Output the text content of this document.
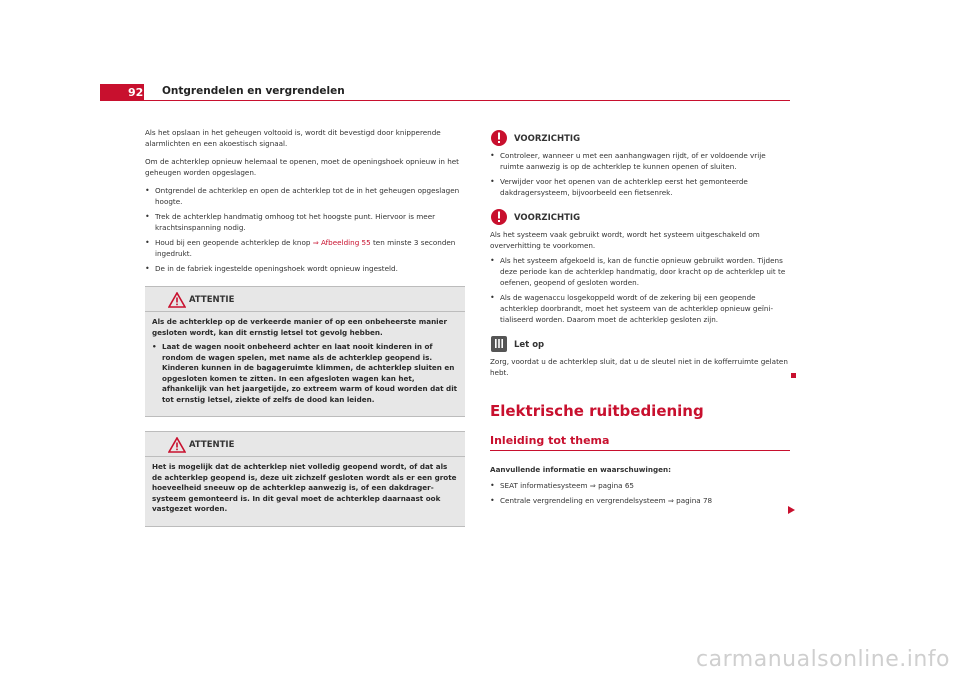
92 Ontgrendelen en vergrendelen

Als het opslaan in het geheugen voltooid is, wordt dit bevestigd door knipperende alarmlichten en een akoestisch signaal.

Om de achterklep opnieuw helemaal te openen, moet de openingshoek opnieuw in het geheugen worden opgeslagen.

• Ontgrendel de achterklep en open de achterklep tot de in het geheugen opgeslagen hoogte.
• Trek de achterklep handmatig omhoog tot het hoogste punt. Hiervoor is meer krachtsinspanning nodig.
• Houd bij een geopende achterklep de knop ⇒ Afbeelding 55 ten minste 3 seconden ingedrukt.
• De in de fabriek ingestelde openingshoek wordt opnieuw ingesteld.
ATTENTIE

Als de achterklep op de verkeerde manier of op een onbeheerste manier gesloten wordt, kan dit ernstig letsel tot gevolg hebben.

• Laat de wagen nooit onbeheerd achter en laat nooit kinderen in of rondom de wagen spelen, met name als de achterklep geopend is. Kinderen kunnen in de bagageruimte klimmen, de achterklep sluiten en opgesloten komen te zitten. In een afgesloten wagen kan het, afhankelijk van het jaargetijde, zo extreem warm of koud worden dat dit tot ernstig letsel, ziekte of zelfs de dood kan leiden.

ATTENTIE

Het is mogelijk dat de achterklep niet volledig geopend wordt, of dat als de achterklep geopend is, deze uit zichzelf gesloten wordt als er een grote hoeveelheid sneeuw op de achterklep aanwezig is, of een dakdragersysteem gemonteerd is. In dit geval moet de achterklep daarnaast ook vastgezet worden.

VOORZICHTIG
• Controleer, wanneer u met een aanhangwagen rijdt, of er voldoende vrije ruimte aanwezig is op de achterklep te kunnen openen of sluiten.
• Verwijder voor het openen van de achterklep eerst het gemonteerde dakdragersysteem, bijvoorbeeld een fietsenrek.
VOORZICHTIG

Als het systeem vaak gebruikt wordt, wordt het systeem uitgeschakeld om oververhitting te voorkomen.

• Als het systeem afgekoeld is, kan de functie opnieuw gebruikt worden. Tijdens deze periode kan de achterklep handmatig, door kracht op de achterklep uit te oefenen, geopend of gesloten worden.
• Als de wagenaccu losgekoppeld wordt of de zekering bij een geopende achterklep doorbrandt, moet het systeem van de achterklep opnieuw geïnitialiseerd worden. Daarom moet de achterklep gesloten zijn.
Let op

Zorg, voordat u de achterklep sluit, dat u de sleutel niet in de kofferruimte gelaten hebt.

Elektrische ruitbediening
Inleiding tot thema

Aanvullende informatie en waarschuwingen:

• SEAT informatiesysteem ⇒ pagina 65
• Centrale vergrendeling en vergrendelsysteem ⇒ pagina 78
carmanualsonline.info
